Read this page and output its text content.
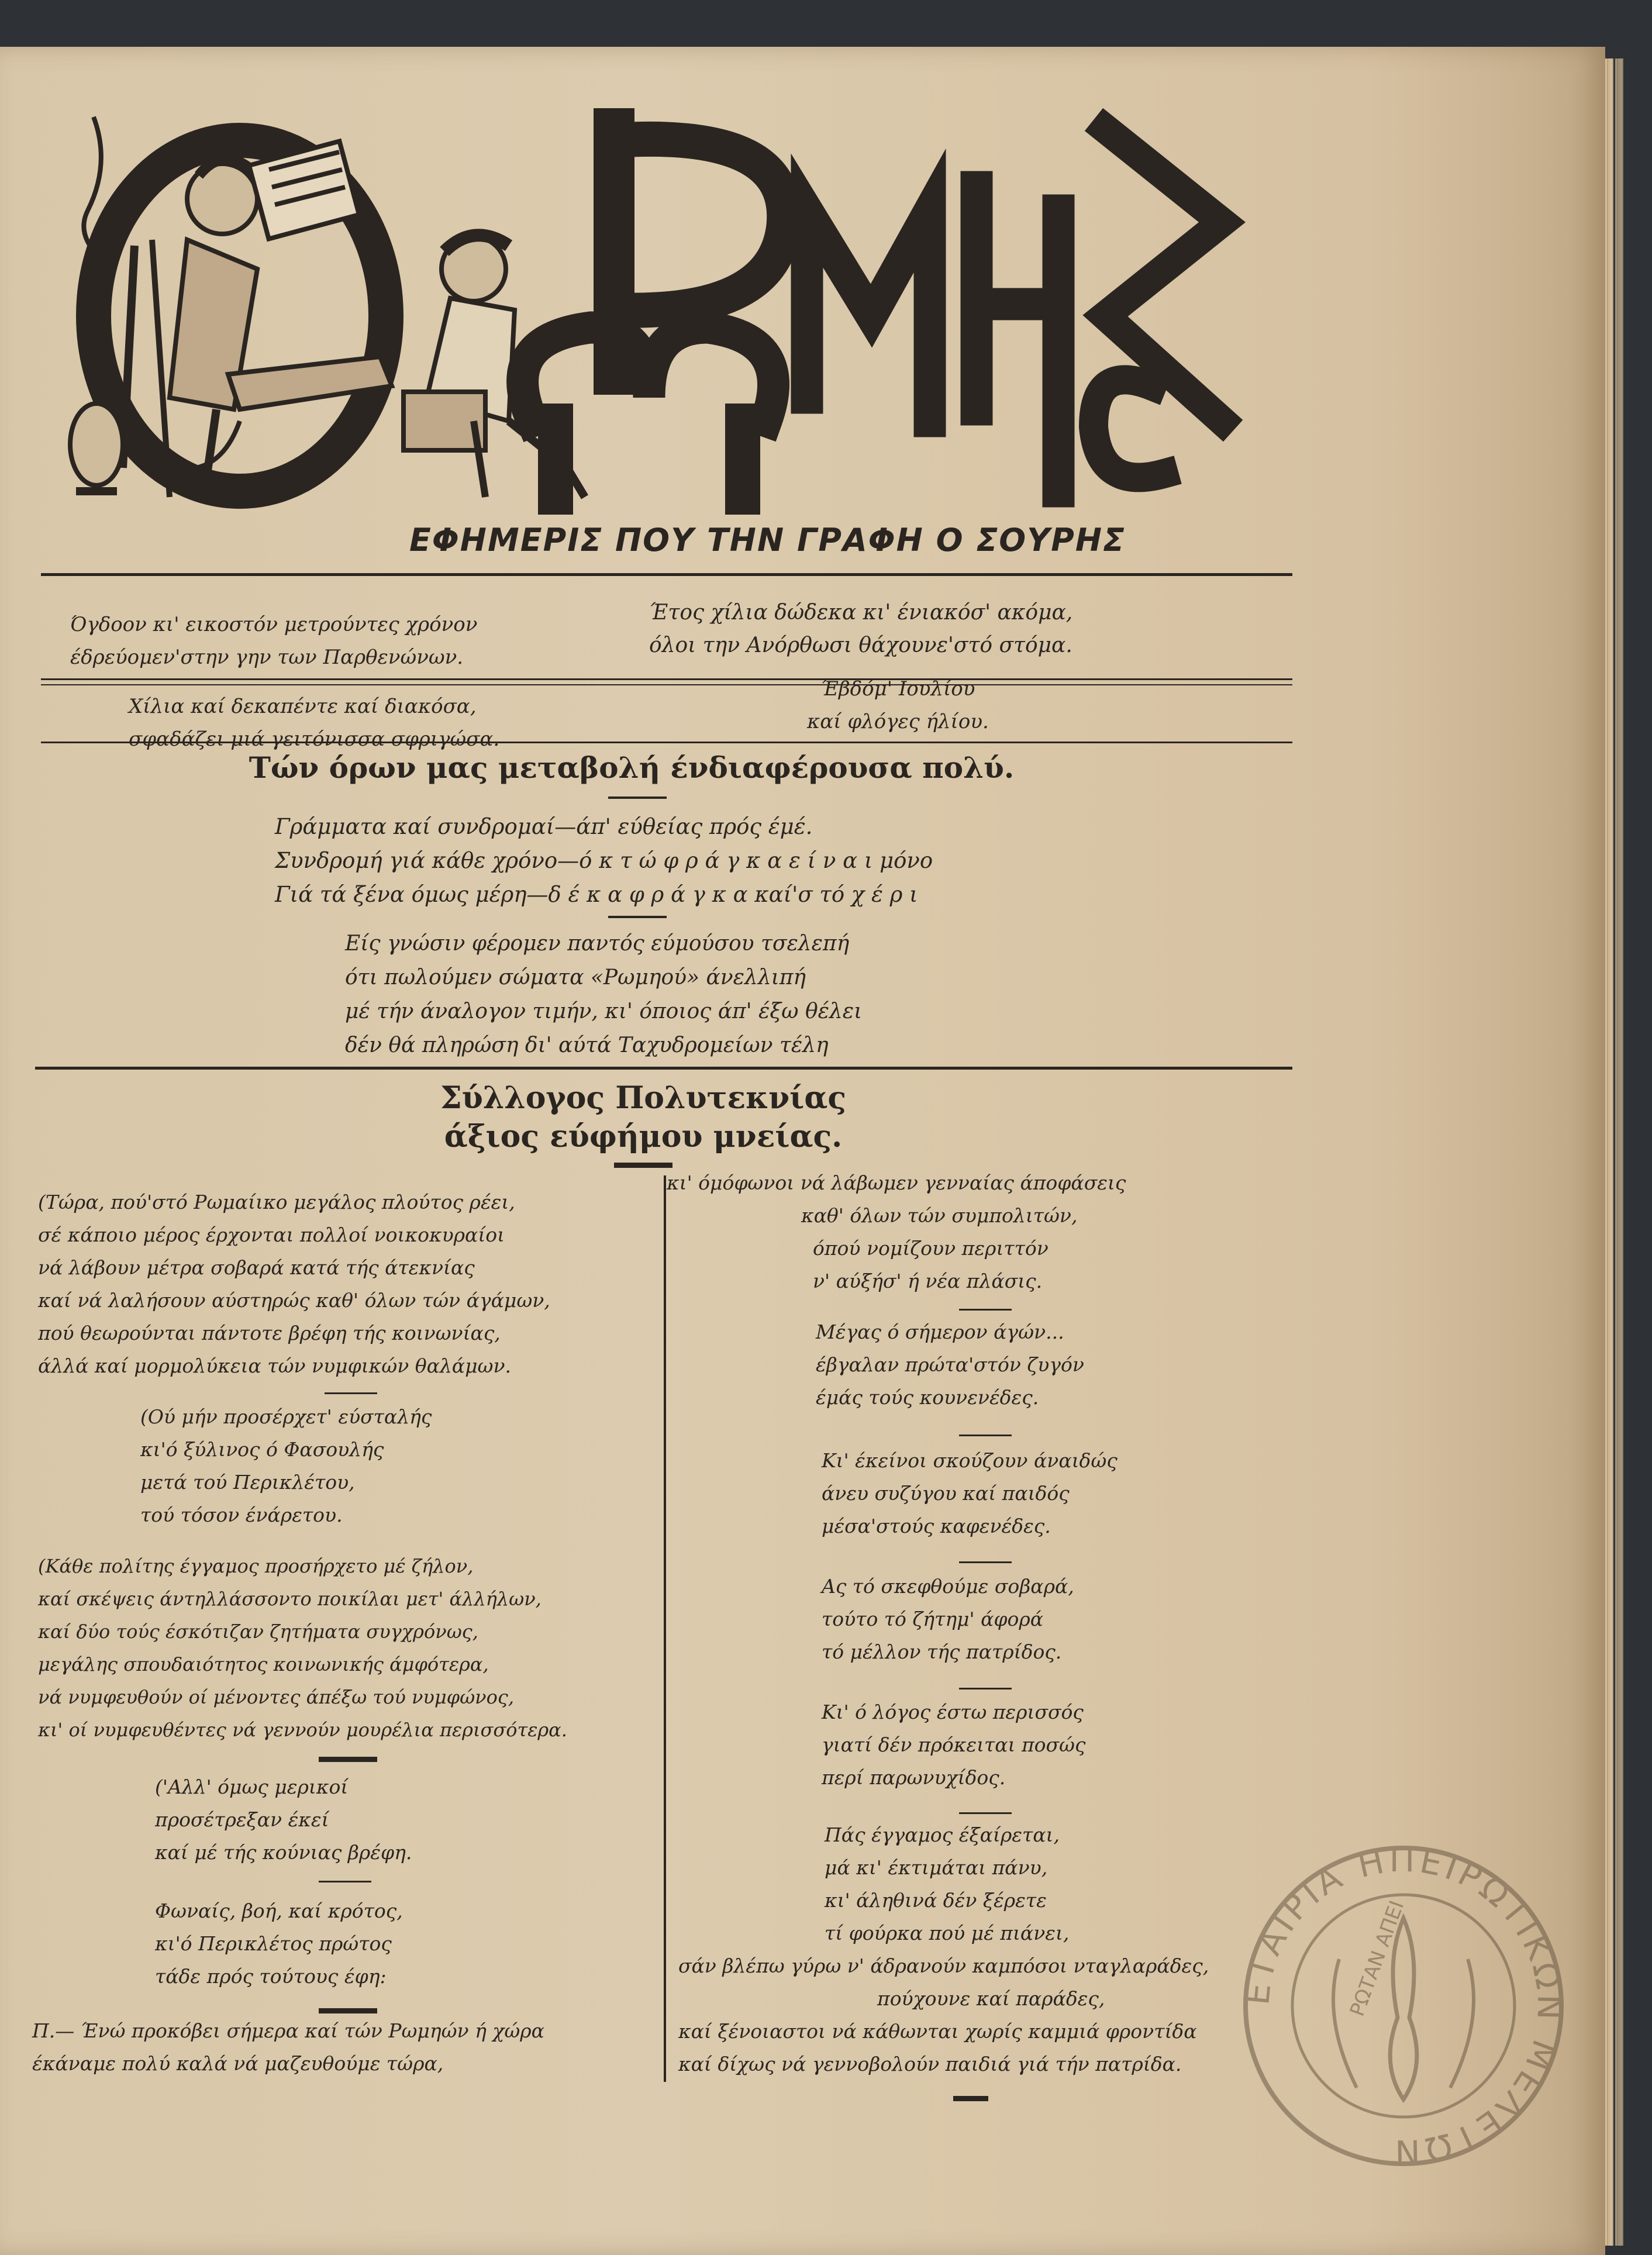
ΕΦΗΜΕΡΙΣ ΠΟΥ ΤΗΝ ΓΡΑΦΗ Ο ΣΟΥΡΗΣ
Όγδοον κι' εικοστόν μετρούντες χρόνον
έδρεύομεν'στην γην των Παρθενώνων.
Έτος χίλια δώδεκα κι' ένιακόσ' ακόμα,
όλοι την Ανόρθωσι θάχουνε'στό στόμα.
Χίλια καί δεκαπέντε καί διακόσα,
σφαδάζει μιά γειτόνισσα σφριγώσα.
Έβδόμ' Ιουλίου
καί φλόγες ήλίου.
Τών όρων μας μεταβολή ένδιαφέρουσα πολύ.
Γράμματα καί συνδρομαί—άπ' εύθείας πρός έμέ.
Συνδρομή γιά κάθε χρόνο—ό κ τ ώ φ ρ ά γ κ α ε ί ν α ι μόνο
Γιά τά ξένα όμως μέρη—δ έ κ α φ ρ ά γ κ α καί'σ τό χ έ ρ ι
Είς γνώσιν φέρομεν παντός εύμούσου τσελεπή
ότι πωλούμεν σώματα «Ρωμηού» άνελλιπή
μέ τήν άναλογον τιμήν, κι' όποιος άπ' έξω θέλει
δέν θά πληρώση δι' αύτά Ταχυδρομείων τέλη
Σύλλογος Πολυτεκνίας
άξιος εύφήμου μνείας.
(Τώρα, πού'στό Ρωμαίικο μεγάλος πλούτος ρέει,
σέ κάποιο μέρος έρχονται πολλοί νοικοκυραίοι
νά λάβουν μέτρα σοβαρά κατά τής άτεκνίας
καί νά λαλήσουν αύστηρώς καθ' όλων τών άγάμων,
πού θεωρούνται πάντοτε βρέφη τής κοινωνίας,
άλλά καί μορμολύκεια τών νυμφικών θαλάμων.
(Ού μήν προσέρχετ' εύσταλής
κι'ό ξύλινος ό Φασουλής
μετά τού Περικλέτου,
τού τόσον ένάρετου.
(Κάθε πολίτης έγγαμος προσήρχετο μέ ζήλον,
καί σκέψεις άντηλλάσσοντο ποικίλαι μετ' άλλήλων,
καί δύο τούς έσκότιζαν ζητήματα συγχρόνως,
μεγάλης σπουδαιότητος κοινωνικής άμφότερα,
νά νυμφευθούν οί μένοντες άπέξω τού νυμφώνος,
κι' οί νυμφευθέντες νά γεννούν μουρέλια περισσότερα.
('Αλλ' όμως μερικοί
προσέτρεξαν έκεί
καί μέ τής κούνιας βρέφη.
Φωναίς, βοή, καί κρότος,
κι'ό Περικλέτος πρώτος
τάδε πρός τούτους έφη:
Π.— Ένώ προκόβει σήμερα καί τών Ρωμηών ή χώρα
έκάναμε πολύ καλά νά μαζευθούμε τώρα,
κι' όμόφωνοι νά λάβωμεν γενναίας άποφάσεις
καθ' όλων τών συμπολιτών,
όπού νομίζουν περιττόν
ν' αύξήσ' ή νέα πλάσις.
Μέγας ό σήμερον άγών...
έβγαλαν πρώτα'στόν ζυγόν
έμάς τούς κουνενέδες.
Κι' έκείνοι σκούζουν άναιδώς
άνευ συζύγου καί παιδός
μέσα'στούς καφενέδες.
Ας τό σκεφθούμε σοβαρά,
τούτο τό ζήτημ' άφορά
τό μέλλον τής πατρίδος.
Κι' ό λόγος έστω περισσός
γιατί δέν πρόκειται ποσώς
περί παρωνυχίδος.
Πάς έγγαμος έξαίρεται,
μά κι' έκτιμάται πάνυ,
κι' άληθινά δέν ξέρετε
τί φούρκα πού μέ πιάνει,
σάν βλέπω γύρω ν' άδρανούν καμπόσοι νταγλαράδες,
πούχουνε καί παράδες,
καί ξένοιαστοι νά κάθωνται χωρίς καμμιά φροντίδα
καί δίχως νά γεννοβολούν παιδιά γιά τήν πατρίδα.
ΕΤΑΙΡΙΑ ΗΠΕΙΡΩΤΙΚΩΝ ΜΕΛΕΤΩΝ
ΡΩΤΑΝ ΑΠΕΙ
